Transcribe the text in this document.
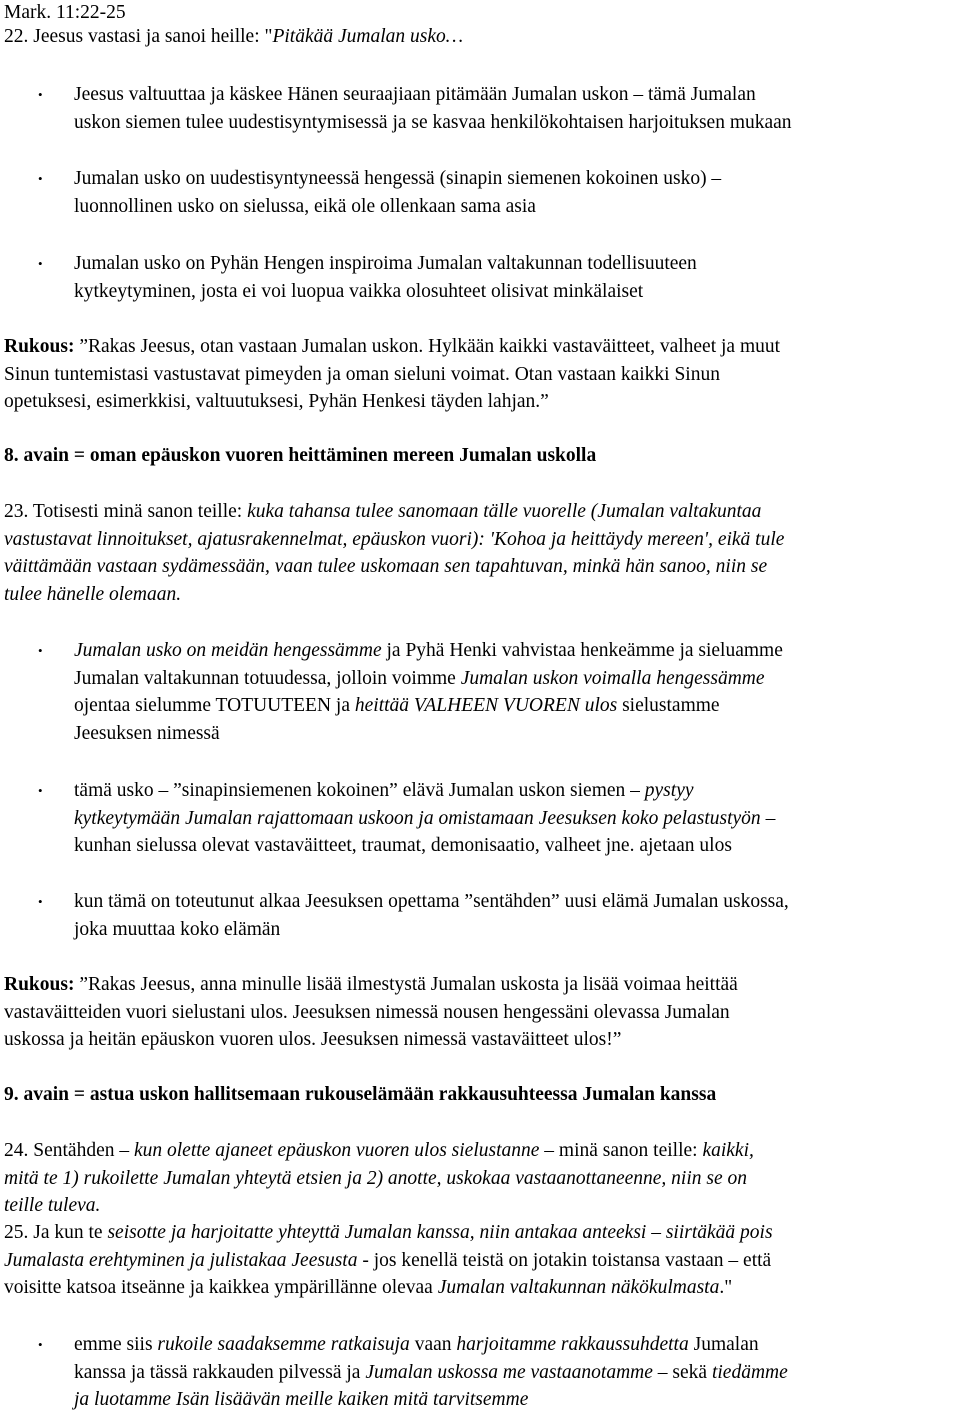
Mark. 11:22-25
22. Jeesus vastasi ja sanoi heille: "Pitäkää Jumalan usko…
• Jeesus valtuuttaa ja käskee Hänen seuraajiaan pitämään Jumalan uskon – tämä Jumalan
uskon siemen tulee uudestisyntymisessä ja se kasvaa henkilökohtaisen harjoituksen mukaan
• Jumalan usko on uudestisyntyneessä hengessä (sinapin siemenen kokoinen usko) –
luonnollinen usko on sielussa, eikä ole ollenkaan sama asia
• Jumalan usko on Pyhän Hengen inspiroima Jumalan valtakunnan todellisuuteen
kytkeytyminen, josta ei voi luopua vaikka olosuhteet olisivat minkälaiset
Rukous: ”Rakas Jeesus, otan vastaan Jumalan uskon. Hylkään kaikki vastaväitteet, valheet ja muut
Sinun tuntemistasi vastustavat pimeyden ja oman sieluni voimat. Otan vastaan kaikki Sinun
opetuksesi, esimerkkisi, valtuutuksesi, Pyhän Henkesi täyden lahjan.”
8. avain = oman epäuskon vuoren heittäminen mereen Jumalan uskolla
23. Totisesti minä sanon teille: kuka tahansa tulee sanomaan tälle vuorelle (Jumalan valtakuntaa
vastustavat linnoitukset, ajatusrakennelmat, epäuskon vuori): 'Kohoa ja heittäydy mereen', eikä tule
väittämään vastaan sydämessään, vaan tulee uskomaan sen tapahtuvan, minkä hän sanoo, niin se
tulee hänelle olemaan.
• Jumalan usko on meidän hengessämme ja Pyhä Henki vahvistaa henkeämme ja sieluamme
Jumalan valtakunnan totuudessa, jolloin voimme Jumalan uskon voimalla hengessämme
ojentaa sielumme TOTUUTEEN ja heittää VALHEEN VUOREN ulos sielustamme
Jeesuksen nimessä
• tämä usko – ”sinapinsiemenen kokoinen” elävä Jumalan uskon siemen – pystyy
kytkeytymään Jumalan rajattomaan uskoon ja omistamaan Jeesuksen koko pelastustyön –
kunhan sielussa olevat vastaväitteet, traumat, demonisaatio, valheet jne. ajetaan ulos
• kun tämä on toteutunut alkaa Jeesuksen opettama ”sentähden” uusi elämä Jumalan uskossa,
joka muuttaa koko elämän
Rukous: ”Rakas Jeesus, anna minulle lisää ilmestystä Jumalan uskosta ja lisää voimaa heittää
vastaväitteiden vuori sielustani ulos. Jeesuksen nimessä nousen hengessäni olevassa Jumalan
uskossa ja heitän epäuskon vuoren ulos. Jeesuksen nimessä vastaväitteet ulos!”
9. avain = astua uskon hallitsemaan rukouselämään rakkausuhteessa Jumalan kanssa
24. Sentähden – kun olette ajaneet epäuskon vuoren ulos sielustanne – minä sanon teille: kaikki,
mitä te 1) rukoilette Jumalan yhteytä etsien ja 2) anotte, uskokaa vastaanottaneenne, niin se on
teille tuleva.
25. Ja kun te seisotte ja harjoitatte yhteyttä Jumalan kanssa, niin antakaa anteeksi – siirtäkää pois
Jumalasta erehtyminen ja julistakaa Jeesusta - jos kenellä teistä on jotakin toistansa vastaan – että
voisitte katsoa itseänne ja kaikkea ympärillänne olevaa Jumalan valtakunnan näkökulmasta."
• emme siis rukoile saadaksemme ratkaisuja vaan harjoitamme rakkaussuhdetta Jumalan
kanssa ja tässä rakkauden pilvessä ja Jumalan uskossa me vastaanotamme – sekä tiedämme
ja luotamme Isän lisäävän meille kaiken mitä tarvitsemme
